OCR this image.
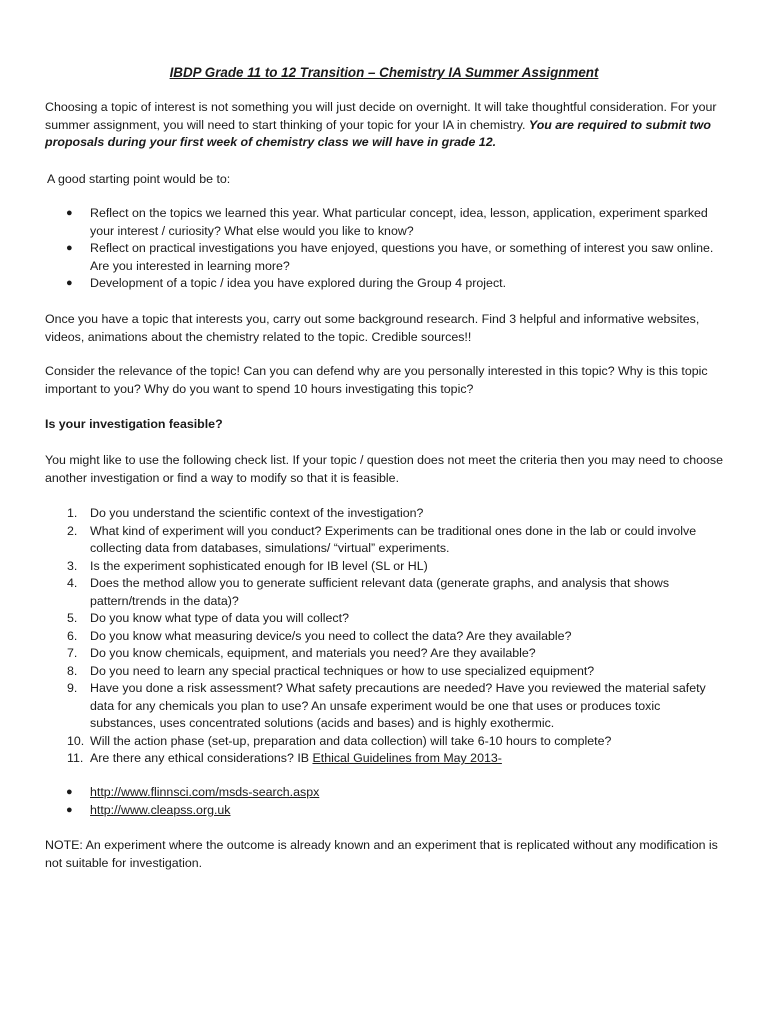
IBDP Grade 11 to 12 Transition – Chemistry IA Summer Assignment

Choosing a topic of interest is not something you will just decide on overnight. It will take thoughtful consideration. For your summer assignment, you will need to start thinking of your topic for your IA in chemistry. You are required to submit two proposals during your first week of chemistry class we will have in grade 12.

A good starting point would be to:

● Reflect on the topics we learned this year. What particular concept, idea, lesson, application, experiment sparked your interest / curiosity? What else would you like to know?
● Reflect on practical investigations you have enjoyed, questions you have, or something of interest you saw online. Are you interested in learning more?
● Development of a topic / idea you have explored during the Group 4 project.

Once you have a topic that interests you, carry out some background research. Find 3 helpful and informative websites, videos, animations about the chemistry related to the topic. Credible sources!!

Consider the relevance of the topic! Can you can defend why are you personally interested in this topic? Why is this topic important to you? Why do you want to spend 10 hours investigating this topic?

Is your investigation feasible?

You might like to use the following check list. If your topic / question does not meet the criteria then you may need to choose another investigation or find a way to modify so that it is feasible.

1. Do you understand the scientific context of the investigation?
2. What kind of experiment will you conduct? Experiments can be traditional ones done in the lab or could involve collecting data from databases, simulations/ “virtual” experiments.
3. Is the experiment sophisticated enough for IB level (SL or HL)
4. Does the method allow you to generate sufficient relevant data (generate graphs, and analysis that shows pattern/trends in the data)?
5. Do you know what type of data you will collect?
6. Do you know what measuring device/s you need to collect the data? Are they available?
7. Do you know chemicals, equipment, and materials you need? Are they available?
8. Do you need to learn any special practical techniques or how to use specialized equipment?
9. Have you done a risk assessment? What safety precautions are needed? Have you reviewed the material safety data for any chemicals you plan to use? An unsafe experiment would be one that uses or produces toxic substances, uses concentrated solutions (acids and bases) and is highly exothermic.
10. Will the action phase (set-up, preparation and data collection) will take 6-10 hours to complete?
11. Are there any ethical considerations? IB Ethical Guidelines from May 2013-
● http://www.flinnsci.com/msds-search.aspx
● http://www.cleapss.org.uk

NOTE: An experiment where the outcome is already known and an experiment that is replicated without any modification is not suitable for investigation.
